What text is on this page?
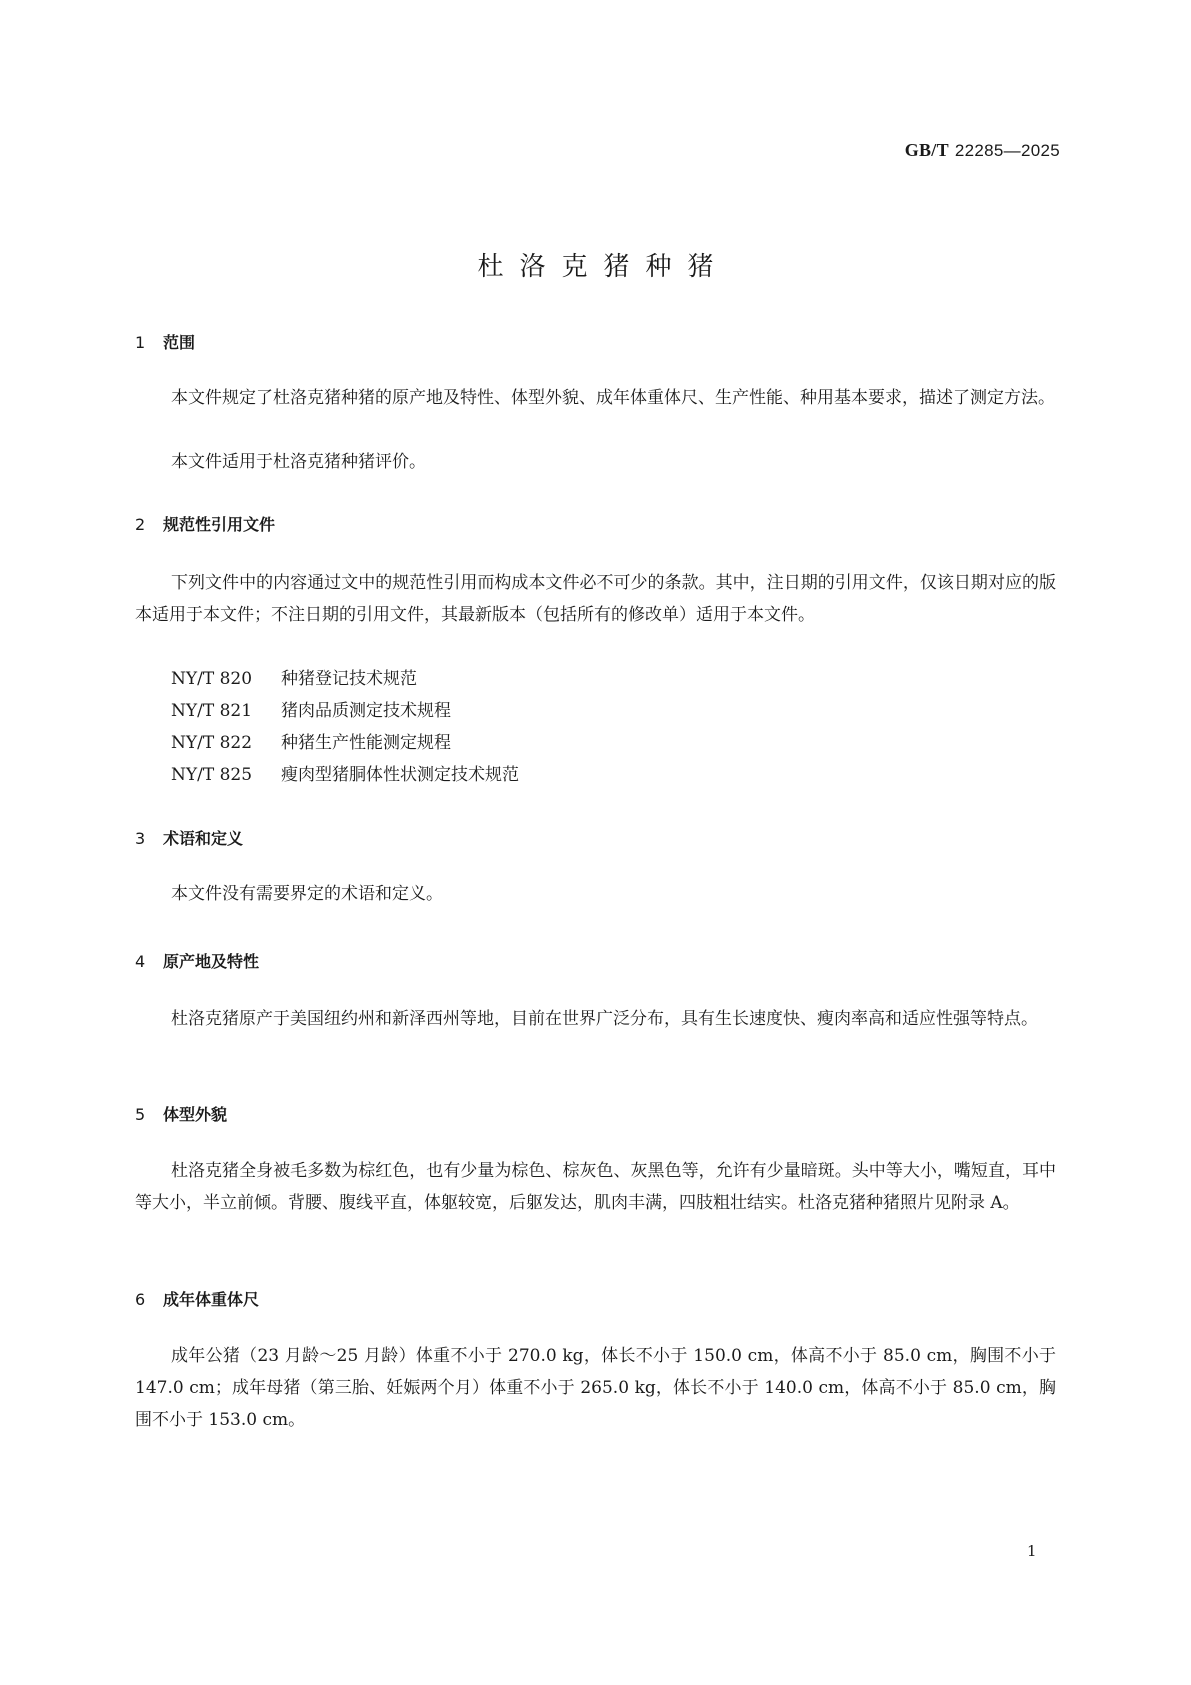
GB/T 22285—2025
杜洛克猪种猪
1 范围

本文件规定了杜洛克猪种猪的原产地及特性、体型外貌、成年体重体尺、生产性能、种用基本要求，描述了测定方法。

本文件适用于杜洛克猪种猪评价。

2 规范性引用文件

下列文件中的内容通过文中的规范性引用而构成本文件必不可少的条款。其中，注日期的引用文件，仅该日期对应的版本适用于本文件；不注日期的引用文件，其最新版本（包括所有的修改单）适用于本文件。

NY/T 820 种猪登记技术规范
NY/T 821 猪肉品质测定技术规程
NY/T 822 种猪生产性能测定规程
NY/T 825 瘦肉型猪胴体性状测定技术规范
3 术语和定义

本文件没有需要界定的术语和定义。

4 原产地及特性

杜洛克猪原产于美国纽约州和新泽西州等地，目前在世界广泛分布，具有生长速度快、瘦肉率高和适应性强等特点。

5 体型外貌

杜洛克猪全身被毛多数为棕红色，也有少量为棕色、棕灰色、灰黑色等，允许有少量暗斑。头中等大小，嘴短直，耳中等大小，半立前倾。背腰、腹线平直，体躯较宽，后躯发达，肌肉丰满，四肢粗壮结实。杜洛克猪种猪照片见附录 A。

6 成年体重体尺

成年公猪（23 月龄～25 月龄）体重不小于 270.0 kg，体长不小于 150.0 cm，体高不小于 85.0 cm，胸围不小于 147.0 cm；成年母猪（第三胎、妊娠两个月）体重不小于 265.0 kg，体长不小于 140.0 cm，体高不小于 85.0 cm，胸围不小于 153.0 cm。

1
